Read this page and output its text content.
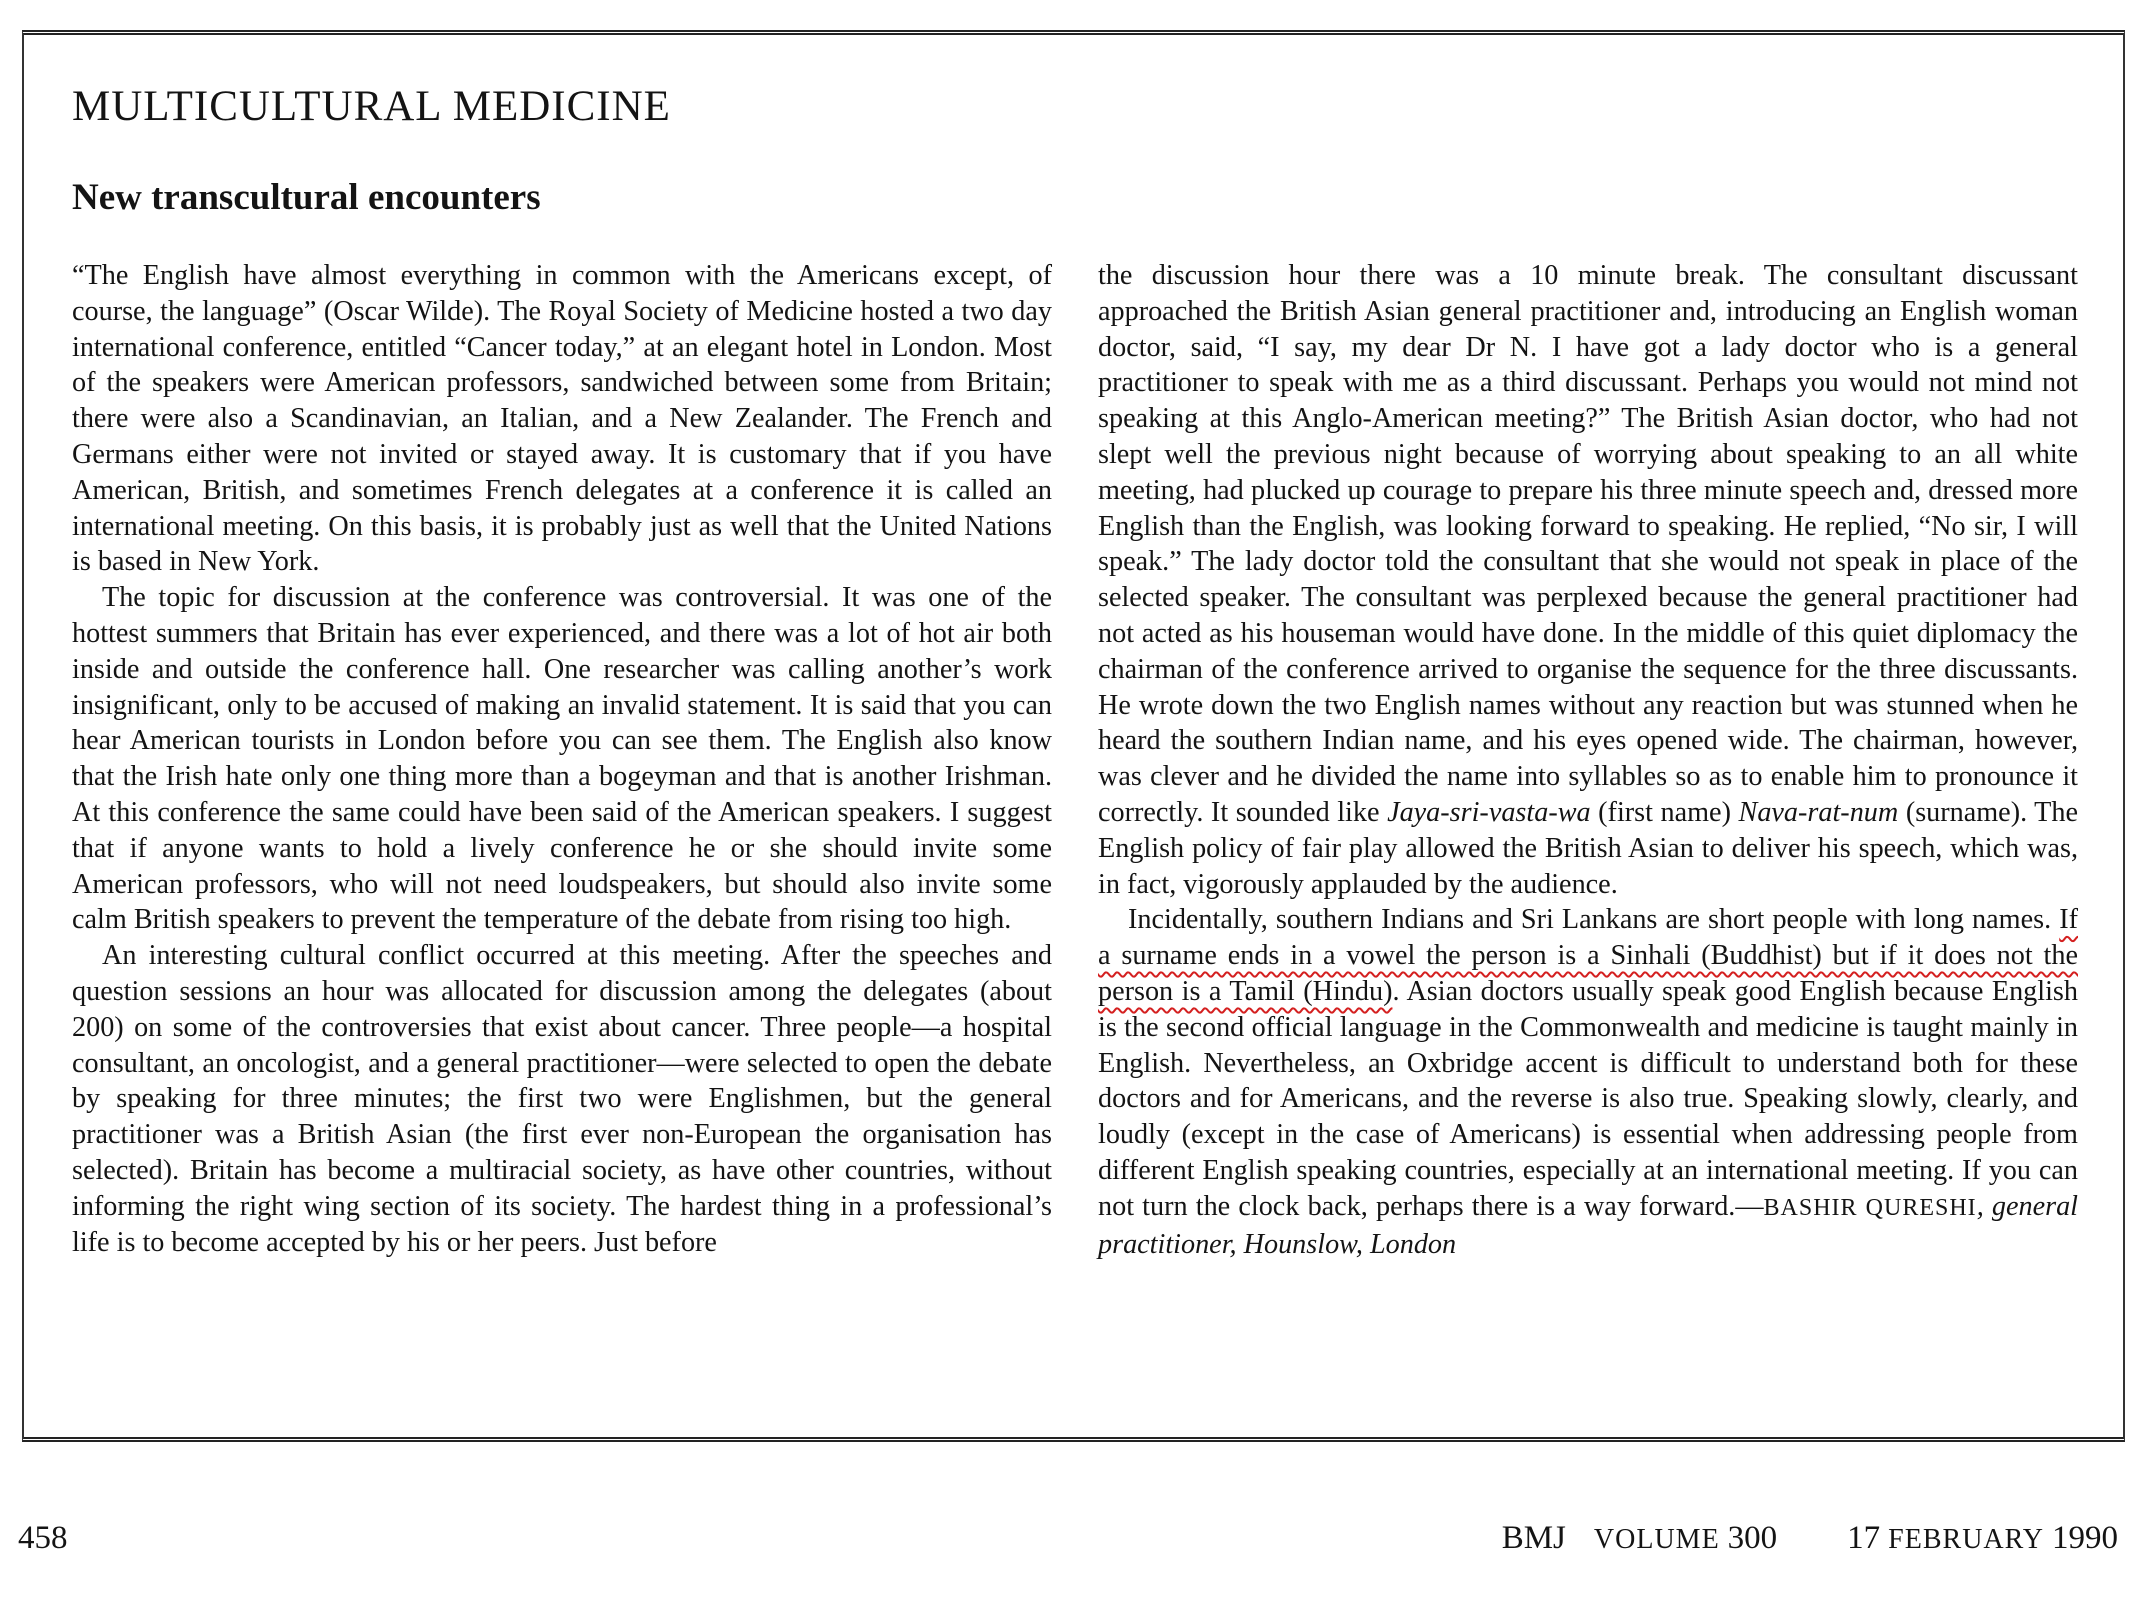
MULTICULTURAL MEDICINE
New transcultural encounters

“The English have almost everything in common with the Americans except, of course, the language” (Oscar Wilde). The Royal Society of Medicine hosted a two day international conference, entitled “Cancer today,” at an elegant hotel in London. Most of the speakers were American professors, sandwiched between some from Britain; there were also a Scandinavian, an Italian, and a New Zealander. The French and Germans either were not invited or stayed away. It is customary that if you have American, British, and sometimes French delegates at a conference it is called an international meeting. On this basis, it is probably just as well that the United Nations is based in New York.

The topic for discussion at the conference was controversial. It was one of the hottest summers that Britain has ever experienced, and there was a lot of hot air both inside and outside the conference hall. One researcher was calling another’s work insignificant, only to be accused of making an invalid statement. It is said that you can hear American tourists in London before you can see them. The English also know that the Irish hate only one thing more than a bogeyman and that is another Irishman. At this conference the same could have been said of the American speakers. I suggest that if anyone wants to hold a lively conference he or she should invite some American professors, who will not need loudspeakers, but should also invite some calm British speakers to prevent the temperature of the debate from rising too high.

An interesting cultural conflict occurred at this meeting. After the speeches and question sessions an hour was allocated for discussion among the delegates (about 200) on some of the controversies that exist about cancer. Three people—a hospital consultant, an oncologist, and a general practitioner—were selected to open the debate by speaking for three minutes; the first two were Englishmen, but the general practitioner was a British Asian (the first ever non-European the organisation has selected). Britain has become a multiracial society, as have other countries, without informing the right wing section of its society. The hardest thing in a professional’s life is to become accepted by his or her peers. Just before

the discussion hour there was a 10 minute break. The consultant discussant approached the British Asian general practitioner and, introducing an English woman doctor, said, “I say, my dear Dr N. I have got a lady doctor who is a general practitioner to speak with me as a third discussant. Perhaps you would not mind not speaking at this Anglo-American meeting?” The British Asian doctor, who had not slept well the previous night because of worrying about speaking to an all white meeting, had plucked up courage to prepare his three minute speech and, dressed more English than the English, was looking forward to speaking. He replied, “No sir, I will speak.” The lady doctor told the consultant that she would not speak in place of the selected speaker. The consultant was perplexed because the general practitioner had not acted as his houseman would have done. In the middle of this quiet diplomacy the chairman of the conference arrived to organise the sequence for the three discussants. He wrote down the two English names without any reaction but was stunned when he heard the southern Indian name, and his eyes opened wide. The chairman, however, was clever and he divided the name into syllables so as to enable him to pronounce it correctly. It sounded like Jaya-sri-vasta-wa (first name) Nava-rat-num (surname). The English policy of fair play allowed the British Asian to deliver his speech, which was, in fact, vigorously applauded by the audience.

Incidentally, southern Indians and Sri Lankans are short people with long names. If a surname ends in a vowel the person is a Sinhali (Buddhist) but if it does not the person is a Tamil (Hindu). Asian doctors usually speak good English because English is the second official language in the Commonwealth and medicine is taught mainly in English. Nevertheless, an Oxbridge accent is difficult to understand both for these doctors and for Americans, and the reverse is also true. Speaking slowly, clearly, and loudly (except in the case of Americans) is essential when addressing people from different English speaking countries, especially at an international meeting. If you can not turn the clock back, perhaps there is a way forward.—BASHIR QURESHI, general practitioner, Hounslow, London

458	BMJ VOLUME 300 17 FEBRUARY 1990
